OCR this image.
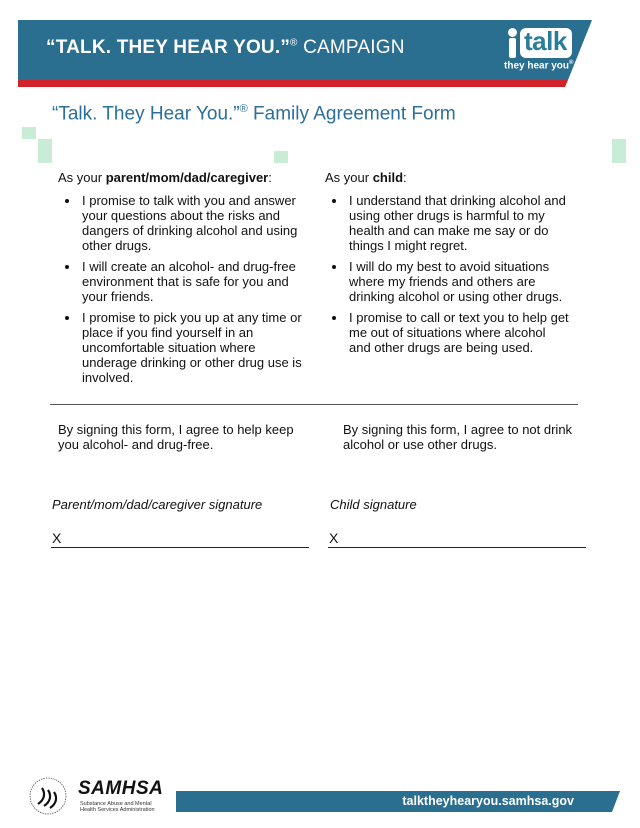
“TALK. THEY HEAR YOU.”® CAMPAIGN	talk
they hear you®
“Talk. They Hear You.”® Family Agreement Form
As your parent/mom/dad/caregiver:
• I promise to talk with you and answer your questions about the risks and dangers of drinking alcohol and using other drugs.
• I will create an alcohol- and drug-free environment that is safe for you and your friends.
• I promise to pick you up at any time or place if you find yourself in an uncomfortable situation where underage drinking or other drug use is involved.
As your child:
• I understand that drinking alcohol and using other drugs is harmful to my health and can make me say or do things I might regret.
• I will do my best to avoid situations where my friends and others are drinking alcohol or using other drugs.
• I promise to call or text you to help get me out of situations where alcohol and other drugs are being used.
By signing this form, I agree to help keep you alcohol- and drug-free.
By signing this form, I agree to not drink alcohol or use other drugs.
Parent/mom/dad/caregiver signature	Child signature
X	X
SAMHSA
Substance Abuse and Mental Health Services Administration
talktheyhearyou.samhsa.gov
